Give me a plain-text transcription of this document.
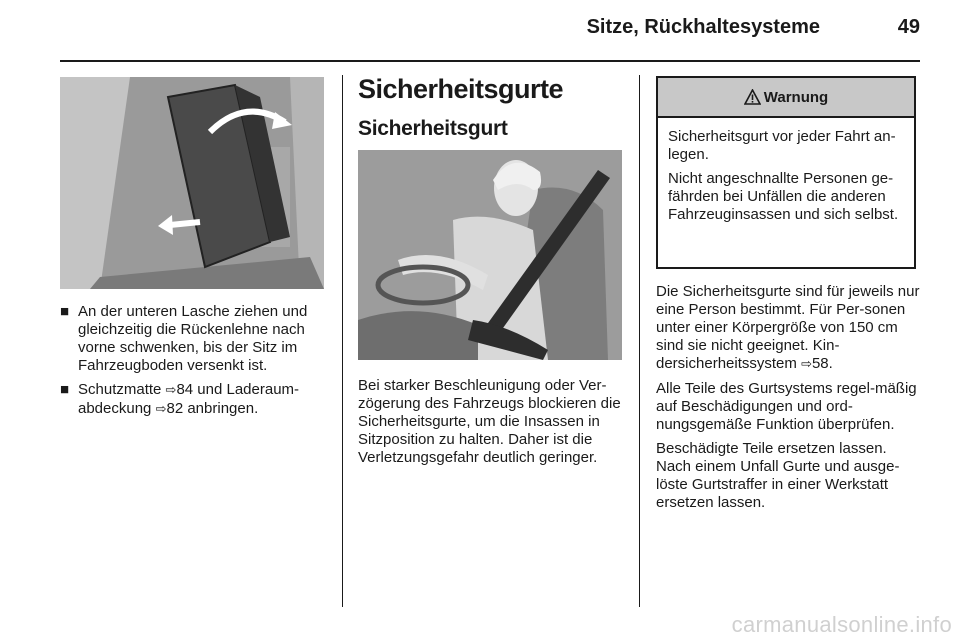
Sitze, Rückhaltesysteme	49
■ An der unteren Lasche ziehen und gleichzeitig die Rückenlehne nach vorne schwenken, bis der Sitz im Fahrzeugboden versenkt ist.
■ Schutzmatte ⇨84 und Laderaum-abdeckung ⇨82 anbringen.
Sicherheitsgurte
Sicherheitsgurt
Bei starker Beschleunigung oder Ver-zögerung des Fahrzeugs blockieren die Sicherheitsgurte, um die Insassen in Sitzposition zu halten. Daher ist die Verletzungsgefahr deutlich geringer.
Warnung

Sicherheitsgurt vor jeder Fahrt an-legen.

Nicht angeschnallte Personen ge-fährden bei Unfällen die anderen Fahrzeuginsassen und sich selbst.

Die Sicherheitsgurte sind für jeweils nur eine Person bestimmt. Für Per-sonen unter einer Körpergröße von 150 cm sind sie nicht geeignet. Kin-dersicherheitssystem ⇨58.

Alle Teile des Gurtsystems regel-mäßig auf Beschädigungen und ord-nungsgemäße Funktion überprüfen.

Beschädigte Teile ersetzen lassen. Nach einem Unfall Gurte und ausge-löste Gurtstraffer in einer Werkstatt ersetzen lassen.

carmanualsonline.info
